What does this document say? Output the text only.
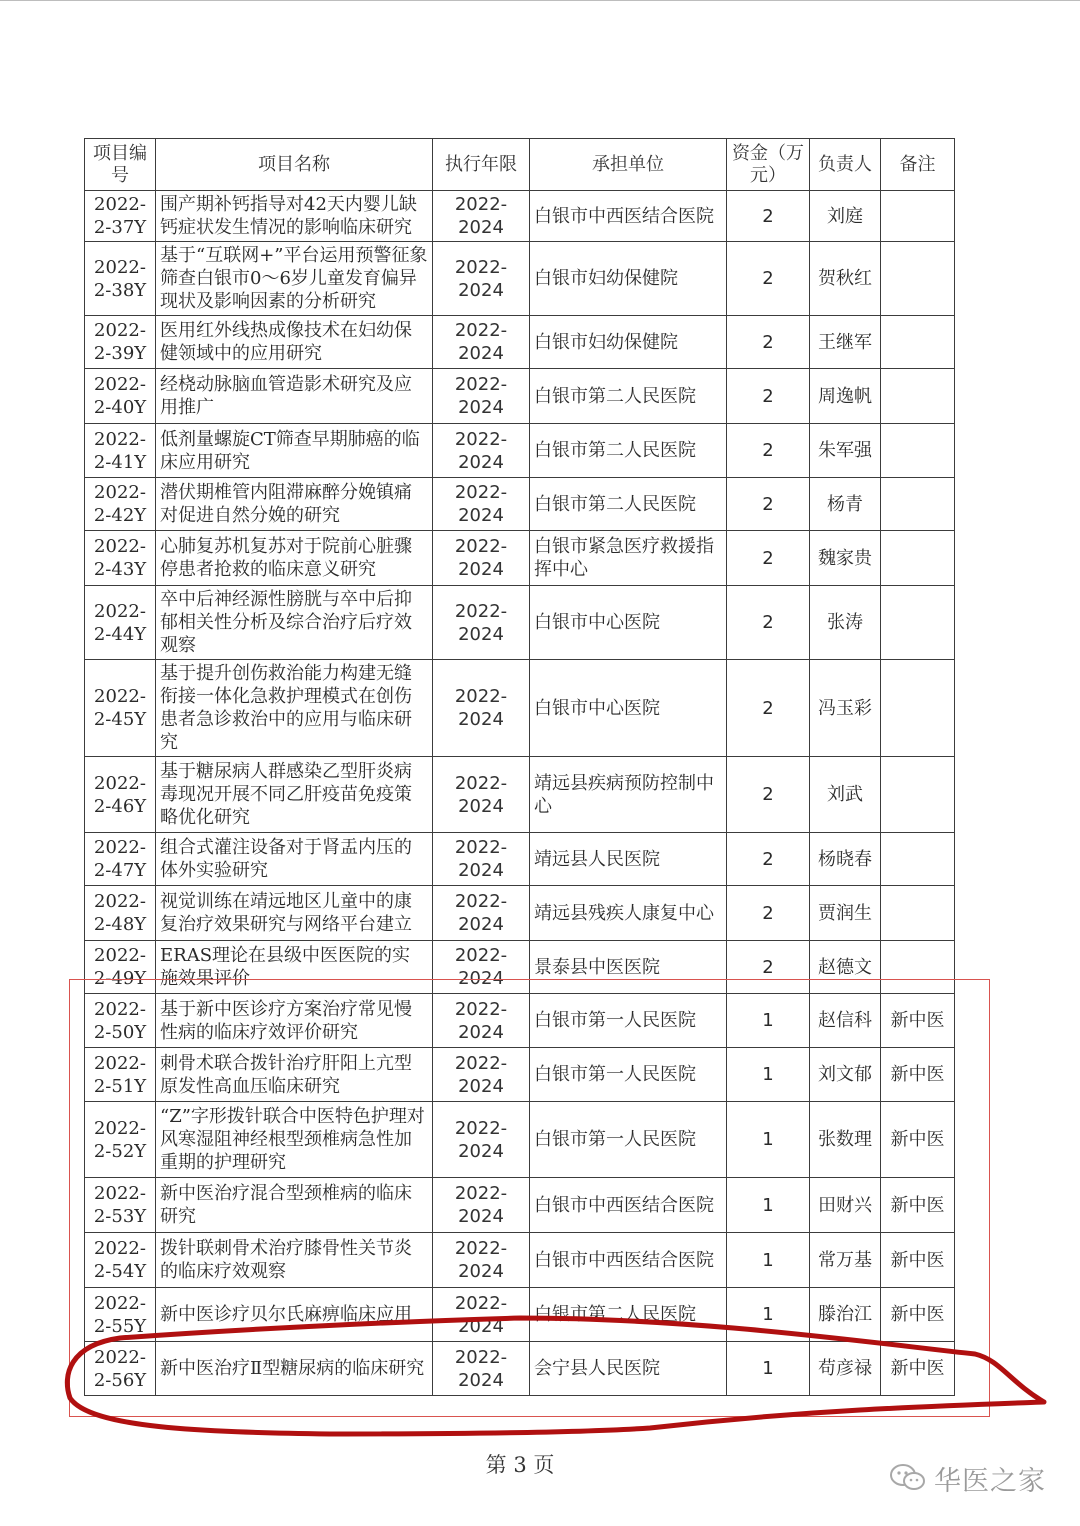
项目编号	项目名称	执行年限	承担单位	资金（万元）	负责人	备注
2022-2-37Y	围产期补钙指导对42天内婴儿缺钙症状发生情况的影响临床研究	2022-2024	白银市中西医结合医院	2	刘庭	
2022-2-38Y	基于“互联网+”平台运用预警征象筛查白银市0～6岁儿童发育偏异现状及影响因素的分析研究	2022-2024	白银市妇幼保健院	2	贺秋红	
2022-2-39Y	医用红外线热成像技术在妇幼保健领域中的应用研究	2022-2024	白银市妇幼保健院	2	王继军	
2022-2-40Y	经桡动脉脑血管造影术研究及应用推广	2022-2024	白银市第二人民医院	2	周逸帆	
2022-2-41Y	低剂量螺旋CT筛查早期肺癌的临床应用研究	2022-2024	白银市第二人民医院	2	朱军强	
2022-2-42Y	潜伏期椎管内阻滞麻醉分娩镇痛对促进自然分娩的研究	2022-2024	白银市第二人民医院	2	杨青	
2022-2-43Y	心肺复苏机复苏对于院前心脏骤停患者抢救的临床意义研究	2022-2024	白银市紧急医疗救援指挥中心	2	魏家贵	
2022-2-44Y	卒中后神经源性膀胱与卒中后抑郁相关性分析及综合治疗后疗效观察	2022-2024	白银市中心医院	2	张涛	
2022-2-45Y	基于提升创伤救治能力构建无缝衔接一体化急救护理模式在创伤患者急诊救治中的应用与临床研究	2022-2024	白银市中心医院	2	冯玉彩	
2022-2-46Y	基于糖尿病人群感染乙型肝炎病毒现况开展不同乙肝疫苗免疫策略优化研究	2022-2024	靖远县疾病预防控制中心	2	刘武	
2022-2-47Y	组合式灌注设备对于肾盂内压的体外实验研究	2022-2024	靖远县人民医院	2	杨晓春	
2022-2-48Y	视觉训练在靖远地区儿童中的康复治疗效果研究与网络平台建立	2022-2024	靖远县残疾人康复中心	2	贾润生	
2022-2-49Y	ERAS理论在县级中医医院的实施效果评价	2022-2024	景泰县中医医院	2	赵德文	
2022-2-50Y	基于新中医诊疗方案治疗常见慢性病的临床疗效评价研究	2022-2024	白银市第一人民医院	1	赵信科	新中医
2022-2-51Y	刺骨术联合拨针治疗肝阳上亢型原发性高血压临床研究	2022-2024	白银市第一人民医院	1	刘文郁	新中医
2022-2-52Y	“Z”字形拨针联合中医特色护理对风寒湿阻神经根型颈椎病急性加重期的护理研究	2022-2024	白银市第一人民医院	1	张数理	新中医
2022-2-53Y	新中医治疗混合型颈椎病的临床研究	2022-2024	白银市中西医结合医院	1	田财兴	新中医
2022-2-54Y	拨针联刺骨术治疗膝骨性关节炎的临床疗效观察	2022-2024	白银市中西医结合医院	1	常万基	新中医
2022-2-55Y	新中医诊疗贝尔氏麻痹临床应用	2022-2024	白银市第二人民医院	1	滕治江	新中医
2022-2-56Y	新中医治疗Ⅱ型糖尿病的临床研究	2022-2024	会宁县人民医院	1	苟彦禄	新中医
第 3 页
华医之家
